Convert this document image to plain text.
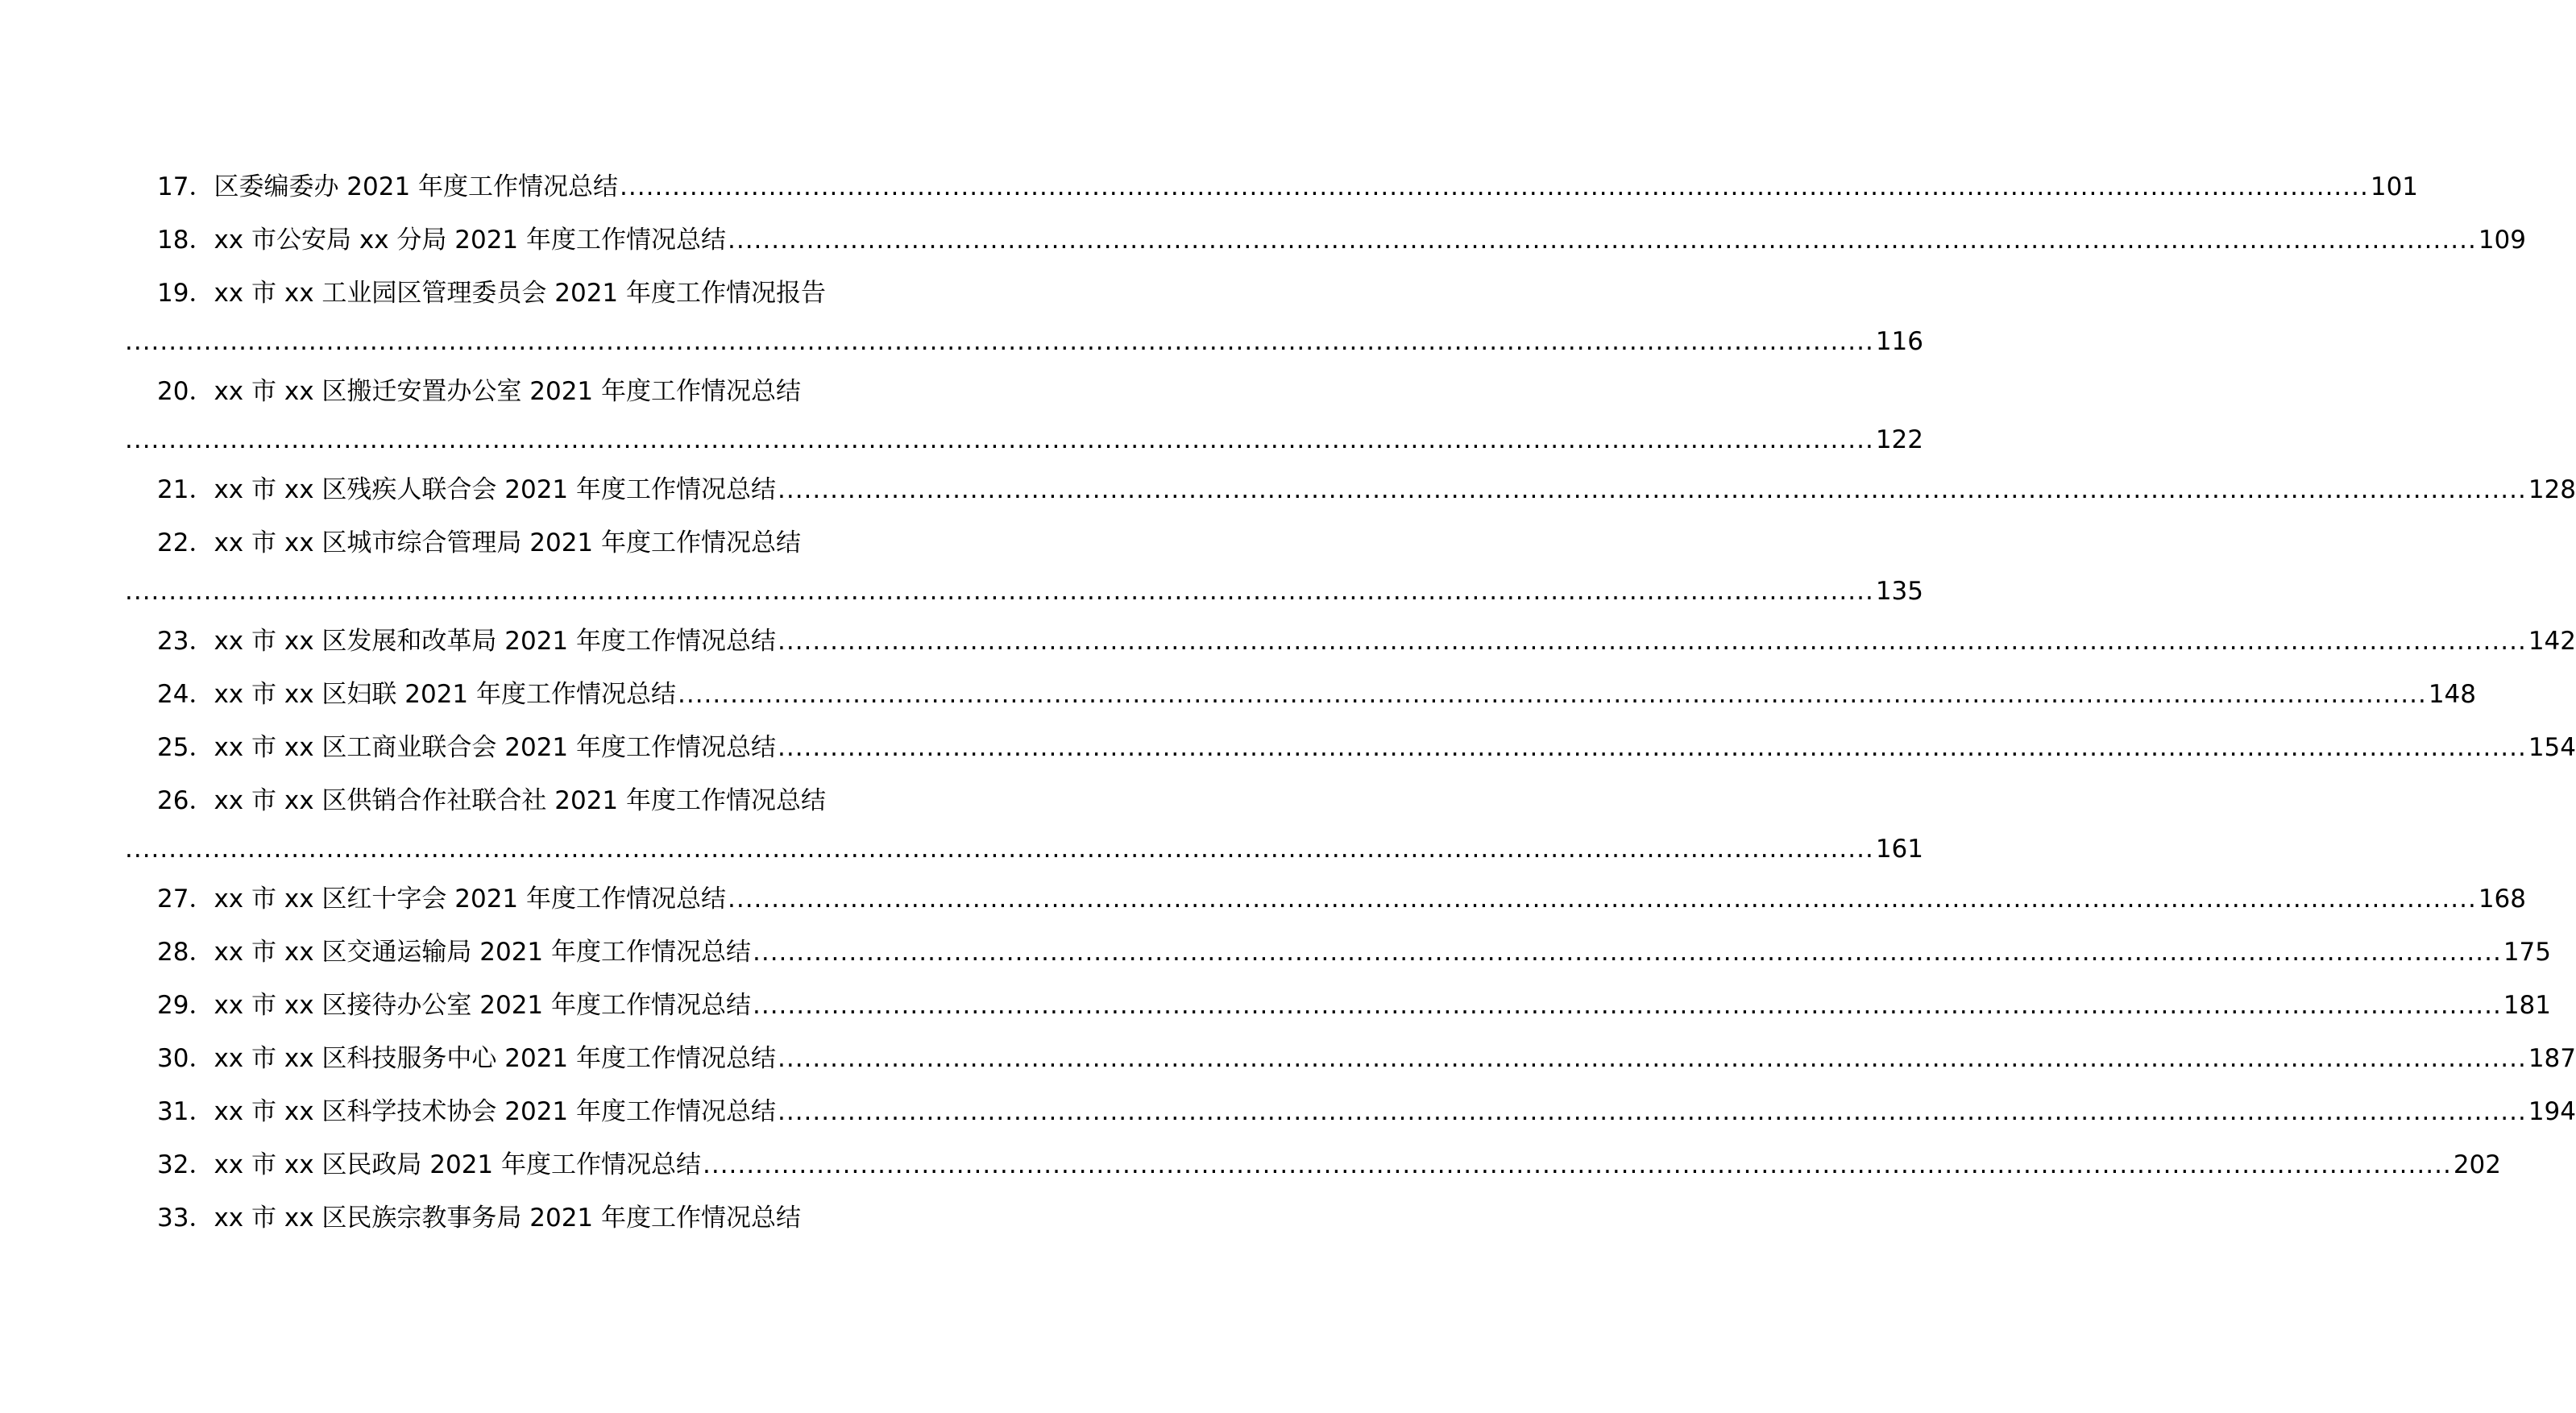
17．区委编委办 2021 年度工作情况总结 .....	101
18．xx 市公安局 xx 分局 2021 年度工作情况总结 .....	109
19．xx 市 xx 工业园区管理委员会 2021 年度工作情况报告
........................................................................................................................................................................................................ 116
20．xx 市 xx 区搬迁安置办公室 2021 年度工作情况总结
........................................................................................................................................................................................................ 122
21．xx 市 xx 区残疾人联合会 2021 年度工作情况总结 .....	128
22．xx 市 xx 区城市综合管理局 2021 年度工作情况总结
........................................................................................................................................................................................................ 135
23．xx 市 xx 区发展和改革局 2021 年度工作情况总结 .....	142
24．xx 市 xx 区妇联 2021 年度工作情况总结 .....	148
25．xx 市 xx 区工商业联合会 2021 年度工作情况总结 .....	154
26．xx 市 xx 区供销合作社联合社 2021 年度工作情况总结
........................................................................................................................................................................................................ 161
27．xx 市 xx 区红十字会 2021 年度工作情况总结 .....	168
28．xx 市 xx 区交通运输局 2021 年度工作情况总结 .....	175
29．xx 市 xx 区接待办公室 2021 年度工作情况总结 .....	181
30．xx 市 xx 区科技服务中心 2021 年度工作情况总结 .....	187
31．xx 市 xx 区科学技术协会 2021 年度工作情况总结 .....	194
32．xx 市 xx 区民政局 2021 年度工作情况总结 .....	202
33．xx 市 xx 区民族宗教事务局 2021 年度工作情况总结
